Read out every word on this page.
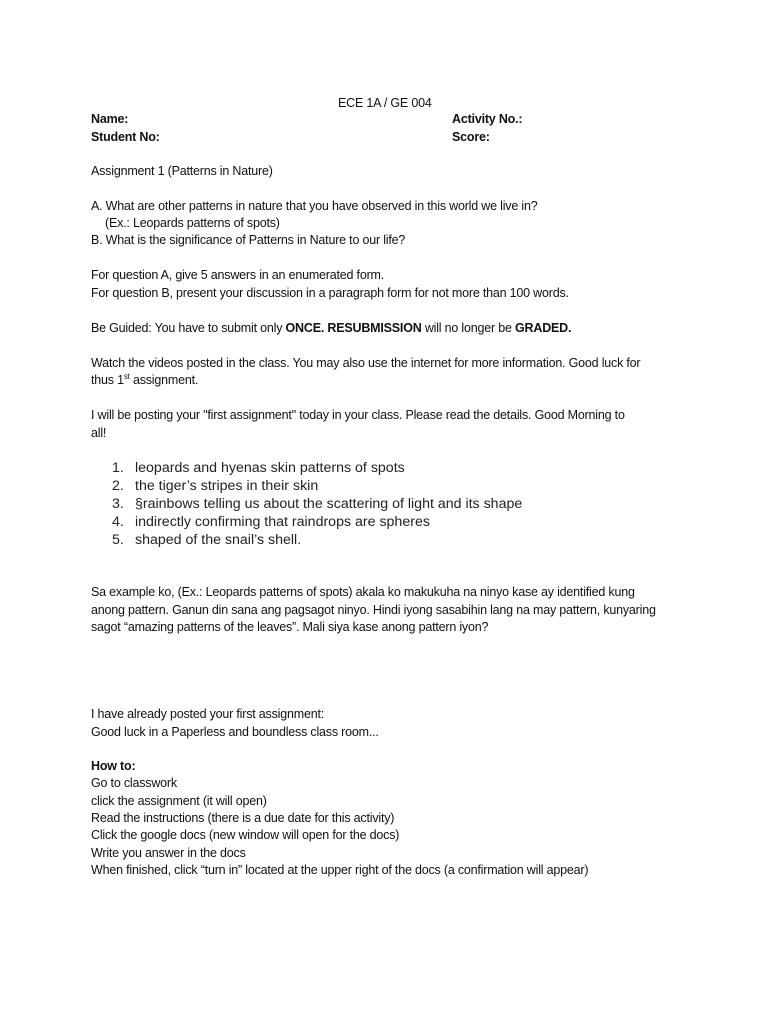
ECE 1A / GE 004
Name:	Activity No.:
Student No:	Score:
Assignment 1 (Patterns in Nature)
A. What are other patterns in nature that you have observed in this world we live in?
(Ex.: Leopards patterns of spots)
B. What is the significance of Patterns in Nature to our life?
For question A, give 5 answers in an enumerated form.
For question B, present your discussion in a paragraph form for not more than 100 words.
Be Guided: You have to submit only ONCE. RESUBMISSION will no longer be GRADED.
Watch the videos posted in the class. You may also use the internet for more information. Good luck for
thus 1st assignment.
I will be posting your "first assignment" today in your class. Please read the details. Good Morning to
all!
1. leopards and hyenas skin patterns of spots
2. the tiger’s stripes in their skin
3. §rainbows telling us about the scattering of light and its shape
4. indirectly confirming that raindrops are spheres
5. shaped of the snail’s shell.
Sa example ko, (Ex.: Leopards patterns of spots) akala ko makukuha na ninyo kase ay identified kung
anong pattern. Ganun din sana ang pagsagot ninyo. Hindi iyong sasabihin lang na may pattern, kunyaring
sagot “amazing patterns of the leaves”. Mali siya kase anong pattern iyon?
I have already posted your first assignment:
Good luck in a Paperless and boundless class room...
How to:
Go to classwork
click the assignment (it will open)
Read the instructions (there is a due date for this activity)
Click the google docs (new window will open for the docs)
Write you answer in the docs
When finished, click “turn in” located at the upper right of the docs (a confirmation will appear)
